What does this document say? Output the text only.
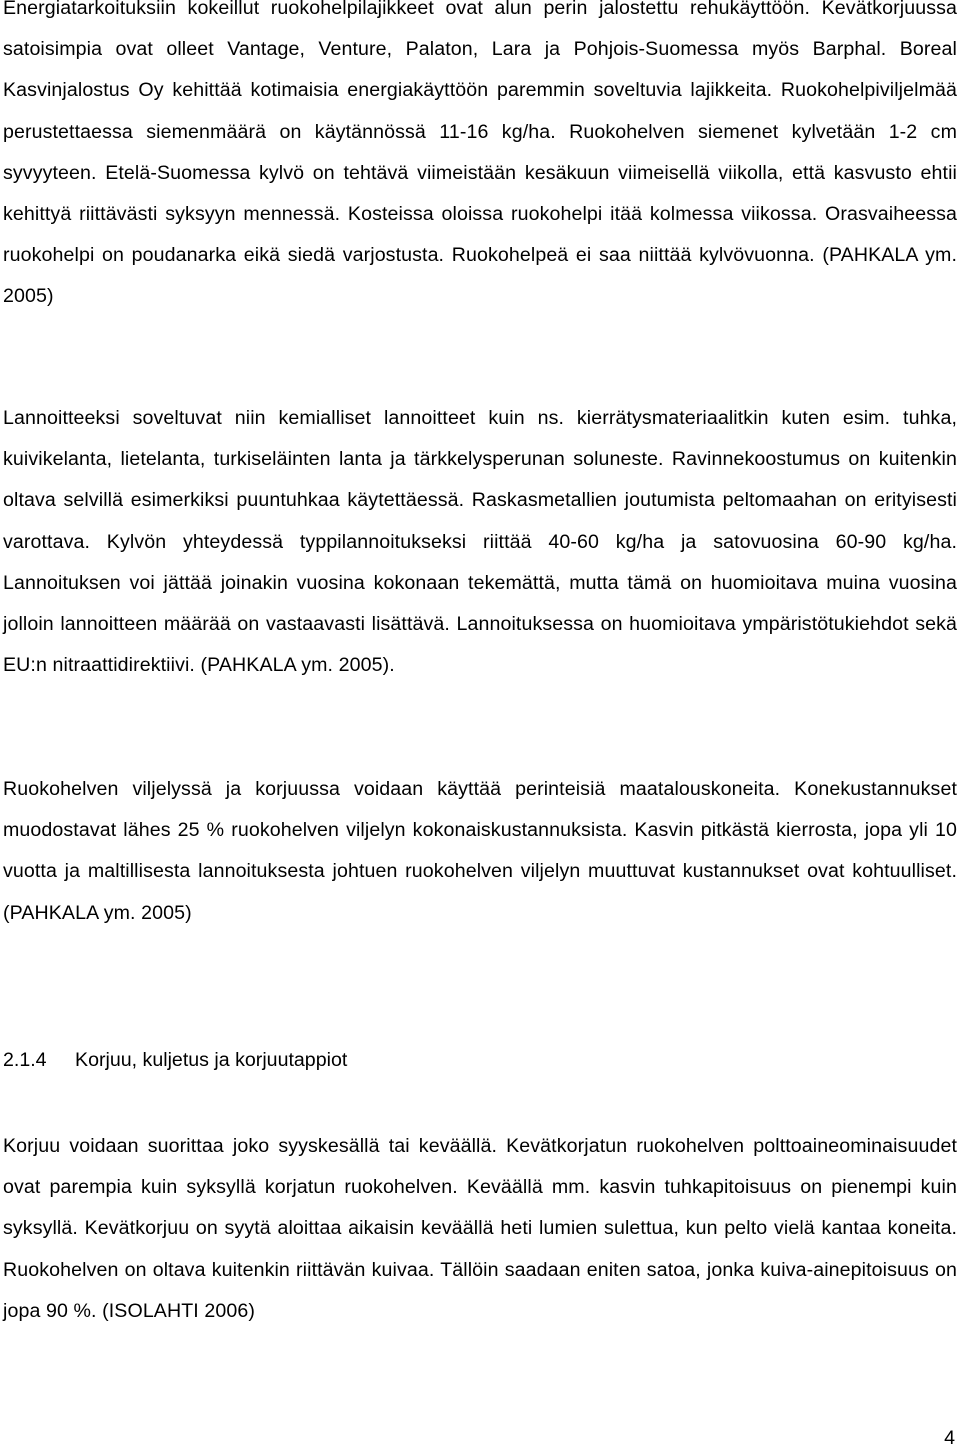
Energiatarkoituksiin kokeillut ruokohelpilajikkeet ovat alun perin jalostettu rehukäyttöön. Kevätkorjuussa satoisimpia ovat olleet Vantage, Venture, Palaton, Lara ja Pohjois-Suomessa myös Barphal. Boreal Kasvinjalostus Oy kehittää kotimaisia energiakäyttöön paremmin soveltuvia lajikkeita. Ruokohelpiviljelmää perustettaessa siemenmäärä on käytännössä 11-16 kg/ha. Ruokohelven siemenet kylvetään 1-2 cm syvyyteen. Etelä-Suomessa kylvö on tehtävä viimeistään kesäkuun viimeisellä viikolla, että kasvusto ehtii kehittyä riittävästi syksyyn mennessä. Kosteissa oloissa ruokohelpi itää kolmessa viikossa. Orasvaiheessa ruokohelpi on poudanarka eikä siedä varjostusta. Ruokohelpeä ei saa niittää kylvövuonna. (PAHKALA ym. 2005)

Lannoitteeksi soveltuvat niin kemialliset lannoitteet kuin ns. kierrätysmateriaalitkin kuten esim. tuhka, kuivikelanta, lietelanta, turkiseläinten lanta ja tärkkelysperunan soluneste. Ravinnekoostumus on kuitenkin oltava selvillä esimerkiksi puuntuhkaa käytettäessä. Raskasmetallien joutumista peltomaahan on erityisesti varottava. Kylvön yhteydessä typpilannoitukseksi riittää 40-60 kg/ha ja satovuosina 60-90 kg/ha. Lannoituksen voi jättää joinakin vuosina kokonaan tekemättä, mutta tämä on huomioitava muina vuosina jolloin lannoitteen määrää on vastaavasti lisättävä. Lannoituksessa on huomioitava ympäristötukiehdot sekä EU:n nitraattidirektiivi. (PAHKALA ym. 2005).

Ruokohelven viljelyssä ja korjuussa voidaan käyttää perinteisiä maatalouskoneita. Konekustannukset muodostavat lähes 25 % ruokohelven viljelyn kokonaiskustannuksista. Kasvin pitkästä kierrosta, jopa yli 10 vuotta ja maltillisesta lannoituksesta johtuen ruokohelven viljelyn muuttuvat kustannukset ovat kohtuulliset. (PAHKALA ym. 2005)

2.1.4 Korjuu, kuljetus ja korjuutappiot

Korjuu voidaan suorittaa joko syyskesällä tai keväällä. Kevätkorjatun ruokohelven polttoaineominaisuudet ovat parempia kuin syksyllä korjatun ruokohelven. Keväällä mm. kasvin tuhkapitoisuus on pienempi kuin syksyllä. Kevätkorjuu on syytä aloittaa aikaisin keväällä heti lumien sulettua, kun pelto vielä kantaa koneita. Ruokohelven on oltava kuitenkin riittävän kuivaa. Tällöin saadaan eniten satoa, jonka kuiva-ainepitoisuus on jopa 90 %. (ISOLAHTI 2006)

4
